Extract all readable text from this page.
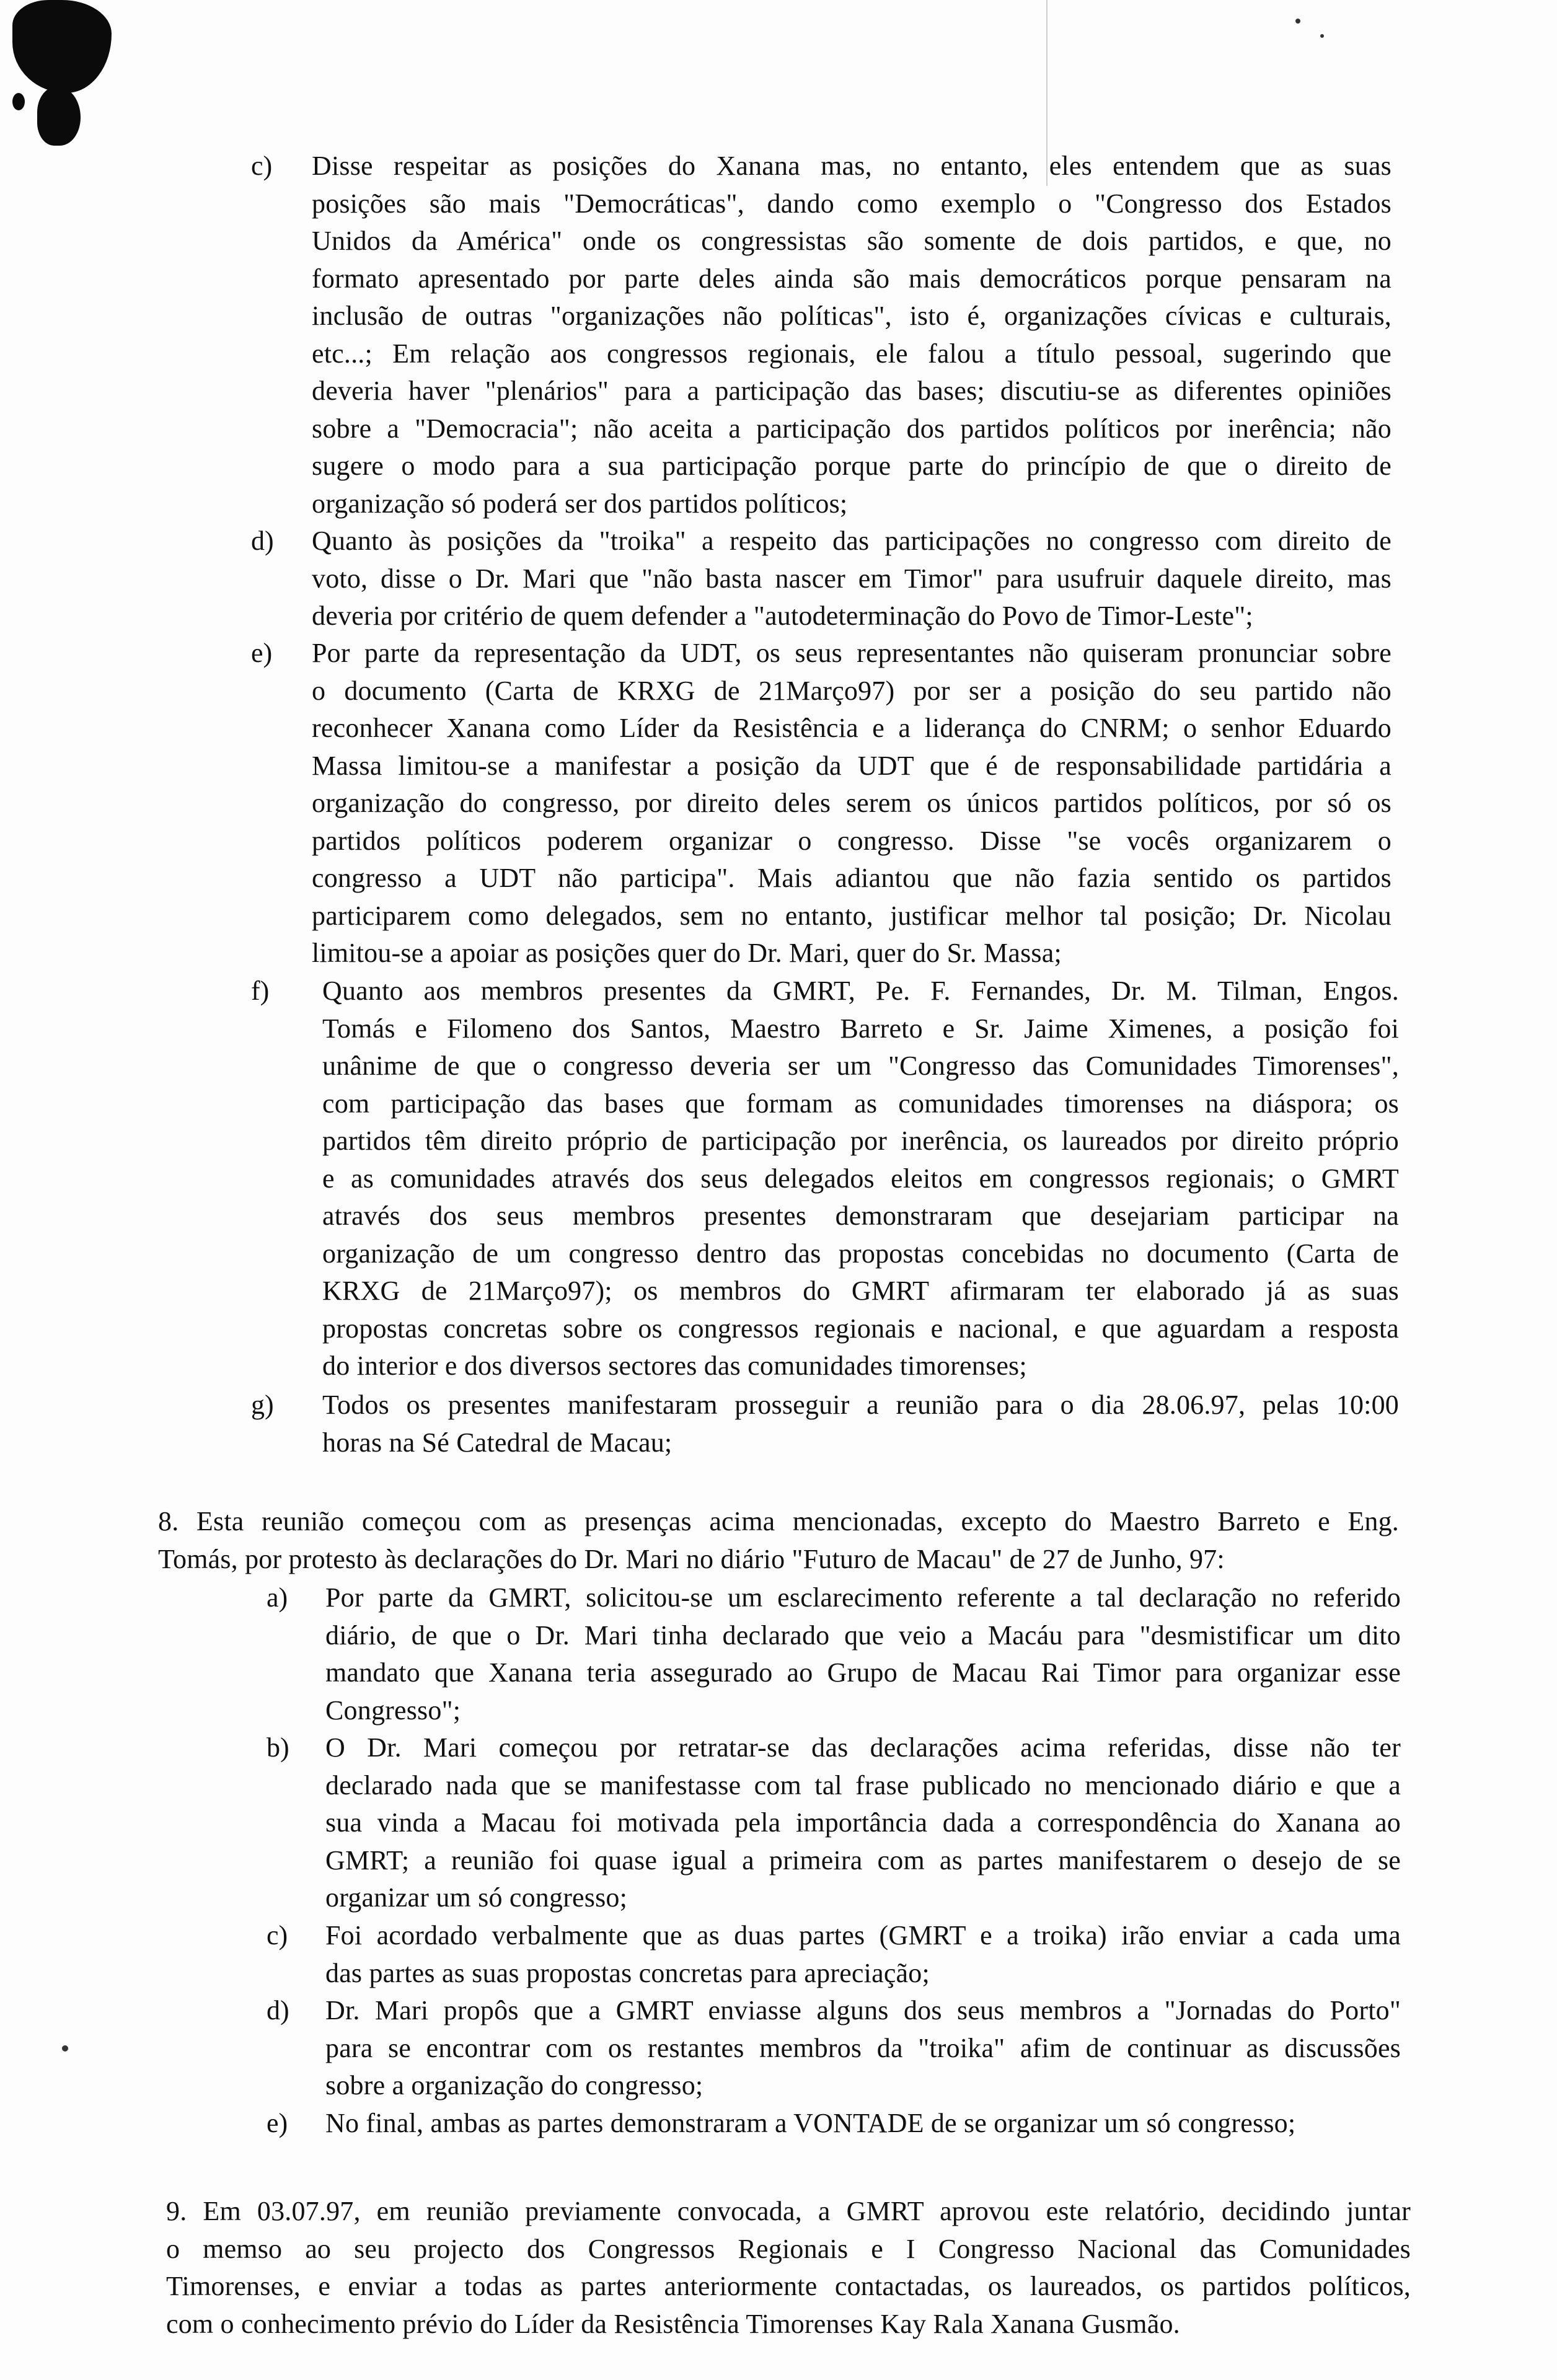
c) Disse respeitar as posições do Xanana mas, no entanto, eles entendem que as suas
posições são mais "Democráticas", dando como exemplo o "Congresso dos Estados
Unidos da América" onde os congressistas são somente de dois partidos, e que, no
formato apresentado por parte deles ainda são mais democráticos porque pensaram na
inclusão de outras "organizações não políticas", isto é, organizações cívicas e culturais,
etc...; Em relação aos congressos regionais, ele falou a título pessoal, sugerindo que
deveria haver "plenários" para a participação das bases; discutiu-se as diferentes opiniões
sobre a "Democracia"; não aceita a participação dos partidos políticos por inerência; não
sugere o modo para a sua participação porque parte do princípio de que o direito de
organização só poderá ser dos partidos políticos;
d) Quanto às posições da "troika" a respeito das participações no congresso com direito de
voto, disse o Dr. Mari que "não basta nascer em Timor" para usufruir daquele direito, mas
deveria por critério de quem defender a "autodeterminação do Povo de Timor-Leste";
e) Por parte da representação da UDT, os seus representantes não quiseram pronunciar sobre
o documento (Carta de KRXG de 21Março97) por ser a posição do seu partido não
reconhecer Xanana como Líder da Resistência e a liderança do CNRM; o senhor Eduardo
Massa limitou-se a manifestar a posição da UDT que é de responsabilidade partidária a
organização do congresso, por direito deles serem os únicos partidos políticos, por só os
partidos políticos poderem organizar o congresso. Disse "se vocês organizarem o
congresso a UDT não participa". Mais adiantou que não fazia sentido os partidos
participarem como delegados, sem no entanto, justificar melhor tal posição; Dr. Nicolau
limitou-se a apoiar as posições quer do Dr. Mari, quer do Sr. Massa;
f) Quanto aos membros presentes da GMRT, Pe. F. Fernandes, Dr. M. Tilman, Engos.
Tomás e Filomeno dos Santos, Maestro Barreto e Sr. Jaime Ximenes, a posição foi
unânime de que o congresso deveria ser um "Congresso das Comunidades Timorenses",
com participação das bases que formam as comunidades timorenses na diáspora; os
partidos têm direito próprio de participação por inerência, os laureados por direito próprio
e as comunidades através dos seus delegados eleitos em congressos regionais; o GMRT
através dos seus membros presentes demonstraram que desejariam participar na
organização de um congresso dentro das propostas concebidas no documento (Carta de
KRXG de 21Março97); os membros do GMRT afirmaram ter elaborado já as suas
propostas concretas sobre os congressos regionais e nacional, e que aguardam a resposta
do interior e dos diversos sectores das comunidades timorenses;
g) Todos os presentes manifestaram prosseguir a reunião para o dia 28.06.97, pelas 10:00
horas na Sé Catedral de Macau;
8. Esta reunião começou com as presenças acima mencionadas, excepto do Maestro Barreto e Eng.
Tomás, por protesto às declarações do Dr. Mari no diário "Futuro de Macau" de 27 de Junho, 97:
a) Por parte da GMRT, solicitou-se um esclarecimento referente a tal declaração no referido
diário, de que o Dr. Mari tinha declarado que veio a Macáu para "desmistificar um dito
mandato que Xanana teria assegurado ao Grupo de Macau Rai Timor para organizar esse
Congresso";
b) O Dr. Mari começou por retratar-se das declarações acima referidas, disse não ter
declarado nada que se manifestasse com tal frase publicado no mencionado diário e que a
sua vinda a Macau foi motivada pela importância dada a correspondência do Xanana ao
GMRT; a reunião foi quase igual a primeira com as partes manifestarem o desejo de se
organizar um só congresso;
c) Foi acordado verbalmente que as duas partes (GMRT e a troika) irão enviar a cada uma
das partes as suas propostas concretas para apreciação;
d) Dr. Mari propôs que a GMRT enviasse alguns dos seus membros a "Jornadas do Porto"
para se encontrar com os restantes membros da "troika" afim de continuar as discussões
sobre a organização do congresso;
e) No final, ambas as partes demonstraram a VONTADE de se organizar um só congresso;
9. Em 03.07.97, em reunião previamente convocada, a GMRT aprovou este relatório, decidindo juntar
o memso ao seu projecto dos Congressos Regionais e I Congresso Nacional das Comunidades
Timorenses, e enviar a todas as partes anteriormente contactadas, os laureados, os partidos políticos,
com o conhecimento prévio do Líder da Resistência Timorenses Kay Rala Xanana Gusmão.
